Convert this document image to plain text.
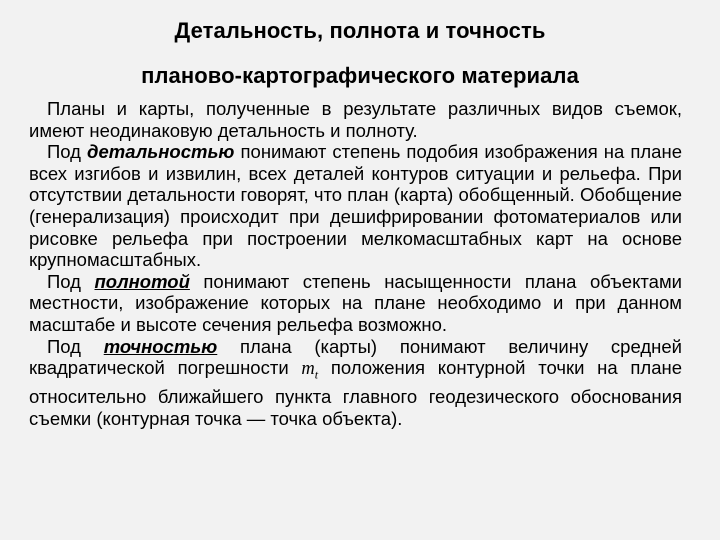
Детальность, полнота и точность
планово-картографического материала

Планы и карты, полученные в результате различных видов съемок, имеют неодинаковую детальность и полноту.

Под детальностью понимают степень подобия изображения на плане всех изгибов и извилин, всех деталей контуров ситуации и рельефа. При отсутствии детальности говорят, что план (карта) обобщенный. Обобщение (генерализация) происходит при дешифрировании фотоматериалов или рисовке рельефа при построении мелкомасштабных карт на основе крупномасштабных.

Под полнотой понимают степень насыщенности плана объектами местности, изображение которых на плане необходимо и при данном масштабе и высоте сечения рельефа возможно.

Под точностью плана (карты) понимают величину средней квадратической погрешности $m_t$ положения контурной точки на плане относительно ближайшего пункта главного геодезического обоснования съемки (контурная точка — точка объекта).
